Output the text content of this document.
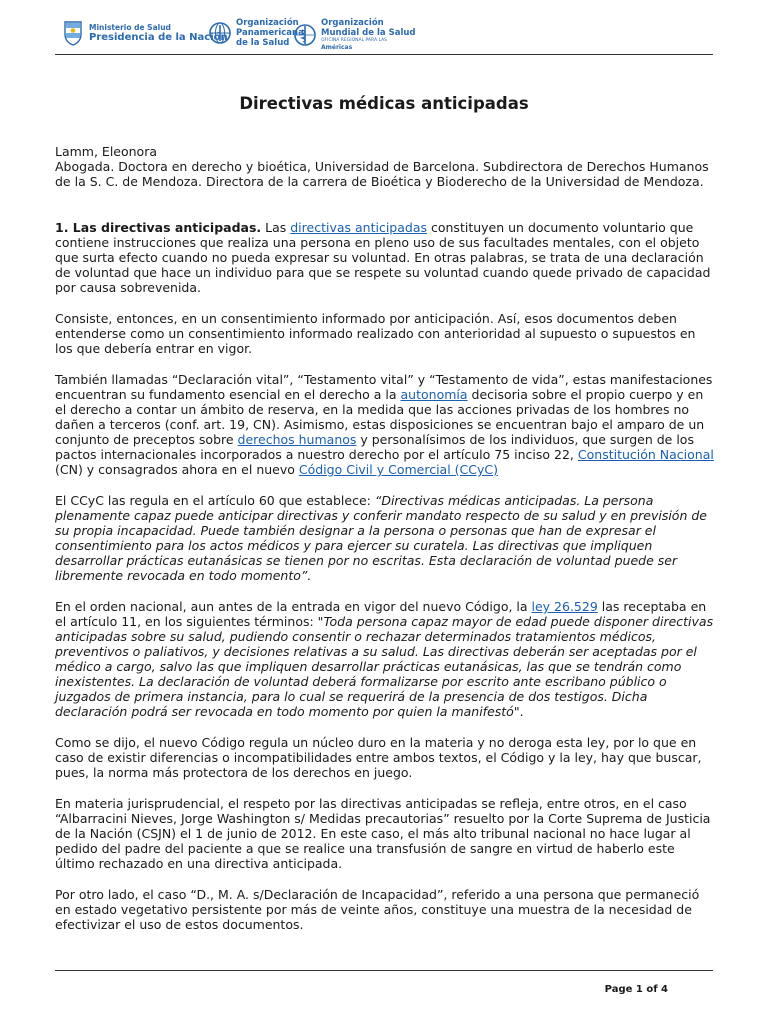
Ministerio de Salud
Presidencia de la Nación
Organización
Panamericana
de la Salud
Organización
Mundial de la Salud
OFICINA REGIONAL PARA LAS
Américas
Directivas médicas anticipadas

Lamm, Eleonora

Abogada. Doctora en derecho y bioética, Universidad de Barcelona. Subdirectora de Derechos Humanos de la S. C. de Mendoza. Directora de la carrera de Bioética y Bioderecho de la Universidad de Mendoza.

1. Las directivas anticipadas. Las directivas anticipadas constituyen un documento voluntario que contiene instrucciones que realiza una persona en pleno uso de sus facultades mentales, con el objeto que surta efecto cuando no pueda expresar su voluntad. En otras palabras, se trata de una declaración de voluntad que hace un individuo para que se respete su voluntad cuando quede privado de capacidad por causa sobrevenida.

Consiste, entonces, en un consentimiento informado por anticipación. Así, esos documentos deben entenderse como un consentimiento informado realizado con anterioridad al supuesto o supuestos en los que debería entrar en vigor.

También llamadas “Declaración vital”, “Testamento vital” y “Testamento de vida”, estas manifestaciones encuentran su fundamento esencial en el derecho a la autonomía decisoria sobre el propio cuerpo y en el derecho a contar un ámbito de reserva, en la medida que las acciones privadas de los hombres no dañen a terceros (conf. art. 19, CN). Asimismo, estas disposiciones se encuentran bajo el amparo de un conjunto de preceptos sobre derechos humanos y personalísimos de los individuos, que surgen de los pactos internacionales incorporados a nuestro derecho por el artículo 75 inciso 22, Constitución Nacional (CN) y consagrados ahora en el nuevo Código Civil y Comercial (CCyC)

El CCyC las regula en el artículo 60 que establece: “Directivas médicas anticipadas. La persona plenamente capaz puede anticipar directivas y conferir mandato respecto de su salud y en previsión de su propia incapacidad. Puede también designar a la persona o personas que han de expresar el consentimiento para los actos médicos y para ejercer su curatela. Las directivas que impliquen desarrollar prácticas eutanásicas se tienen por no escritas. Esta declaración de voluntad puede ser libremente revocada en todo momento”.

En el orden nacional, aun antes de la entrada en vigor del nuevo Código, la ley 26.529 las receptaba en el artículo 11, en los siguientes términos: "Toda persona capaz mayor de edad puede disponer directivas anticipadas sobre su salud, pudiendo consentir o rechazar determinados tratamientos médicos, preventivos o paliativos, y decisiones relativas a su salud. Las directivas deberán ser aceptadas por el médico a cargo, salvo las que impliquen desarrollar prácticas eutanásicas, las que se tendrán como inexistentes. La declaración de voluntad deberá formalizarse por escrito ante escribano público o juzgados de primera instancia, para lo cual se requerirá de la presencia de dos testigos. Dicha declaración podrá ser revocada en todo momento por quien la manifestó".

Como se dijo, el nuevo Código regula un núcleo duro en la materia y no deroga esta ley, por lo que en caso de existir diferencias o incompatibilidades entre ambos textos, el Código y la ley, hay que buscar, pues, la norma más protectora de los derechos en juego.

En materia jurisprudencial, el respeto por las directivas anticipadas se refleja, entre otros, en el caso “Albarracini Nieves, Jorge Washington s/ Medidas precautorias” resuelto por la Corte Suprema de Justicia de la Nación (CSJN) el 1 de junio de 2012. En este caso, el más alto tribunal nacional no hace lugar al pedido del padre del paciente a que se realice una transfusión de sangre en virtud de haberlo este último rechazado en una directiva anticipada.

Por otro lado, el caso “D., M. A. s/Declaración de Incapacidad”, referido a una persona que permaneció en estado vegetativo persistente por más de veinte años, constituye una muestra de la necesidad de efectivizar el uso de estos documentos.

Page 1 of 4
